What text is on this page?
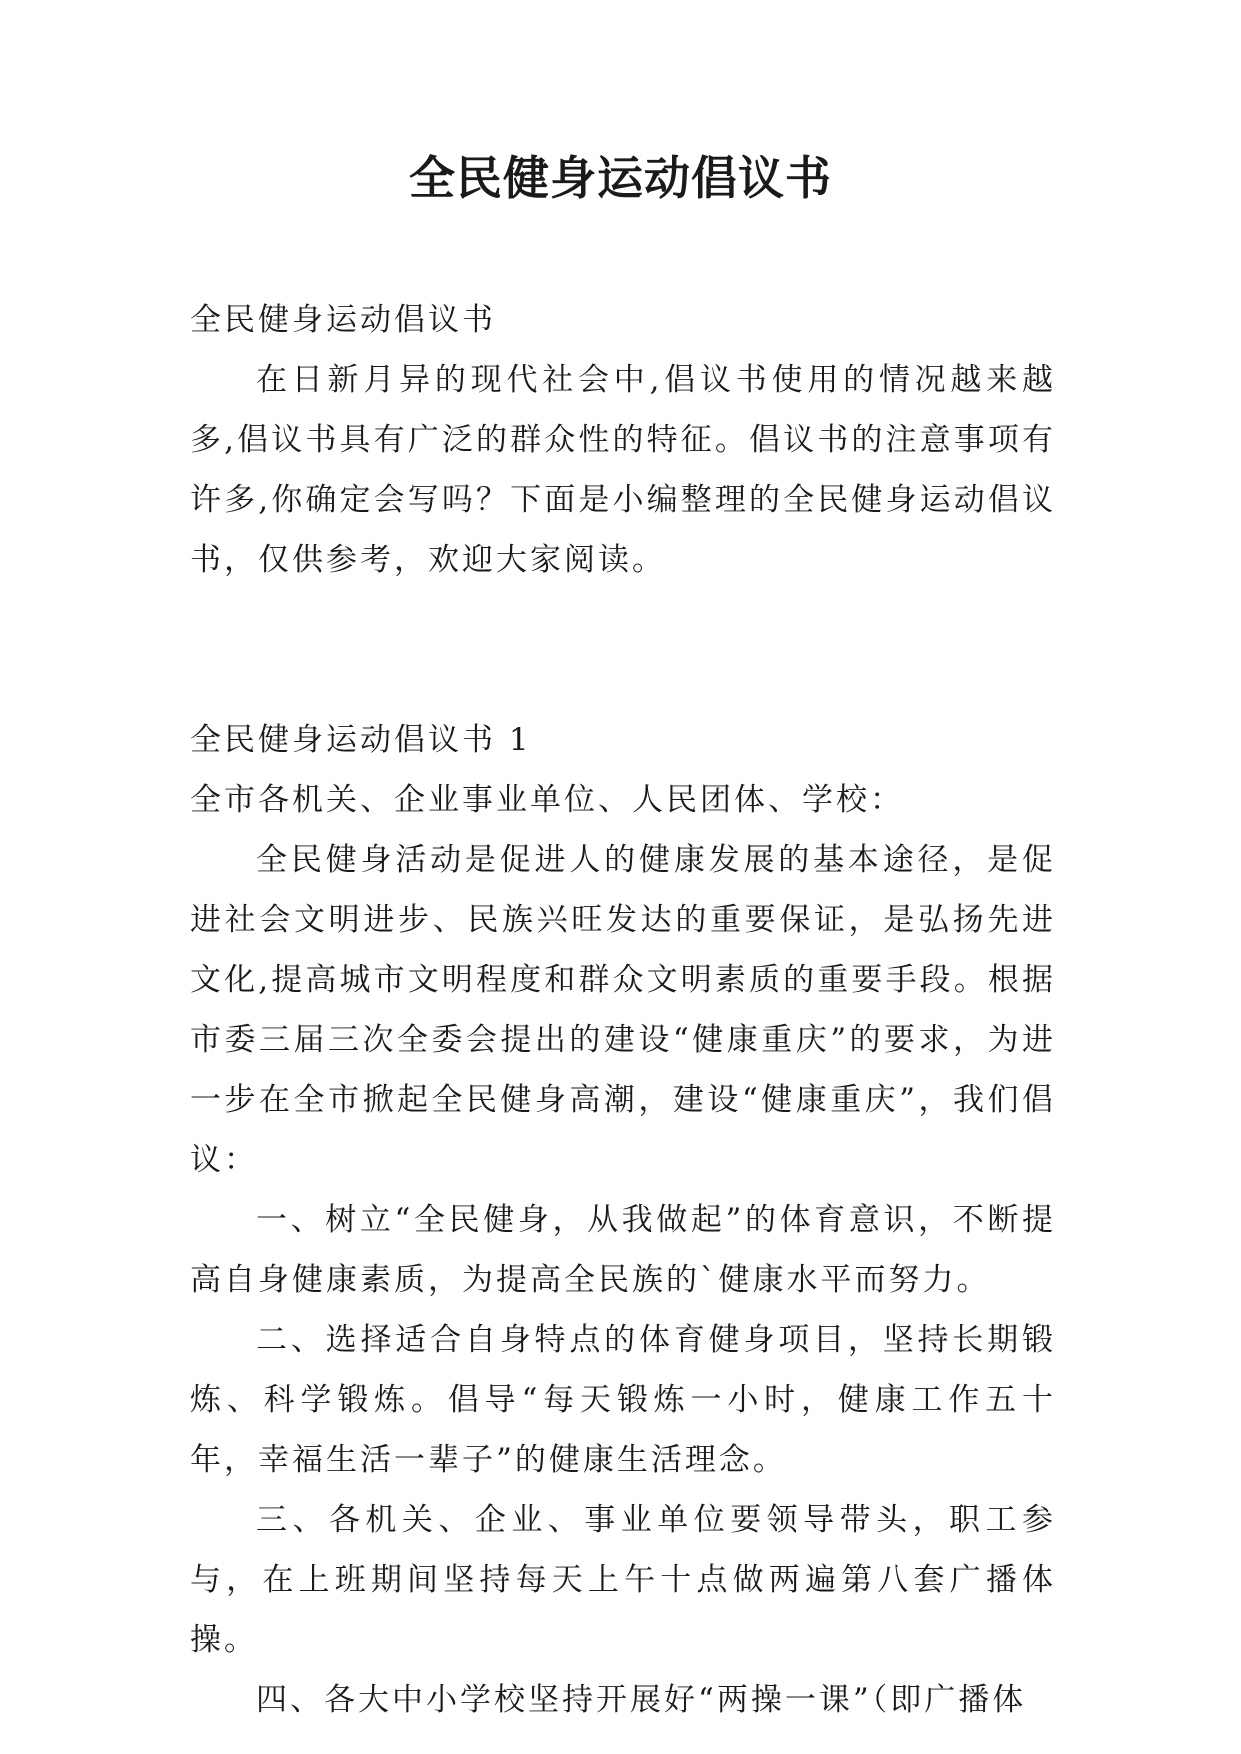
全民健身运动倡议书

全民健身运动倡议书

在日新月异的现代社会中,倡议书使用的情况越来越多,倡议书具有广泛的群众性的特征。倡议书的注意事项有许多,你确定会写吗？下面是小编整理的全民健身运动倡议书，仅供参考，欢迎大家阅读。

全民健身运动倡议书 1

全市各机关、企业事业单位、人民团体、学校：

全民健身活动是促进人的健康发展的基本途径，是促进社会文明进步、民族兴旺发达的重要保证，是弘扬先进文化,提高城市文明程度和群众文明素质的重要手段。根据市委三届三次全委会提出的建设“健康重庆”的要求，为进一步在全市掀起全民健身高潮，建设“健康重庆”，我们倡议：

一、树立“全民健身，从我做起”的体育意识，不断提高自身健康素质，为提高全民族的`健康水平而努力。

二、选择适合自身特点的体育健身项目，坚持长期锻炼、科学锻炼。倡导“每天锻炼一小时，健康工作五十年，幸福生活一辈子”的健康生活理念。

三、各机关、企业、事业单位要领导带头，职工参与，在上班期间坚持每天上午十点做两遍第八套广播体操。

四、各大中小学校坚持开展好“两操一课”（即广播体
